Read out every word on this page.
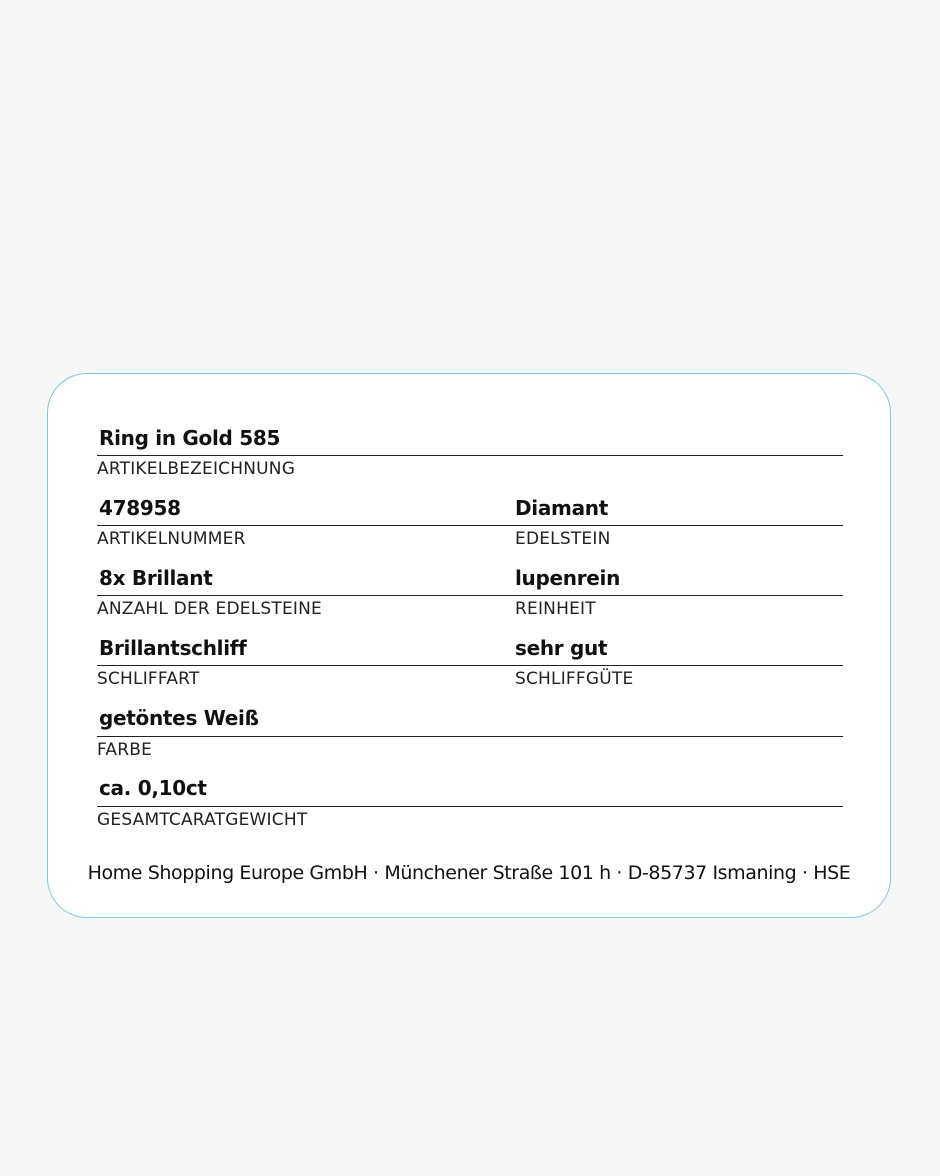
Ring in Gold 585
ARTIKELBEZEICHNUNG
478958
ARTIKELNUMMER
Diamant
EDELSTEIN
8x Brillant
ANZAHL DER EDELSTEINE
lupenrein
REINHEIT
Brillantschliff
SCHLIFFART
sehr gut
SCHLIFFGÜTE
getöntes Weiß
FARBE
ca. 0,10ct
GESAMTCARATGEWICHT
Home Shopping Europe GmbH · Münchener Straße 101 h · D-85737 Ismaning · HSE
